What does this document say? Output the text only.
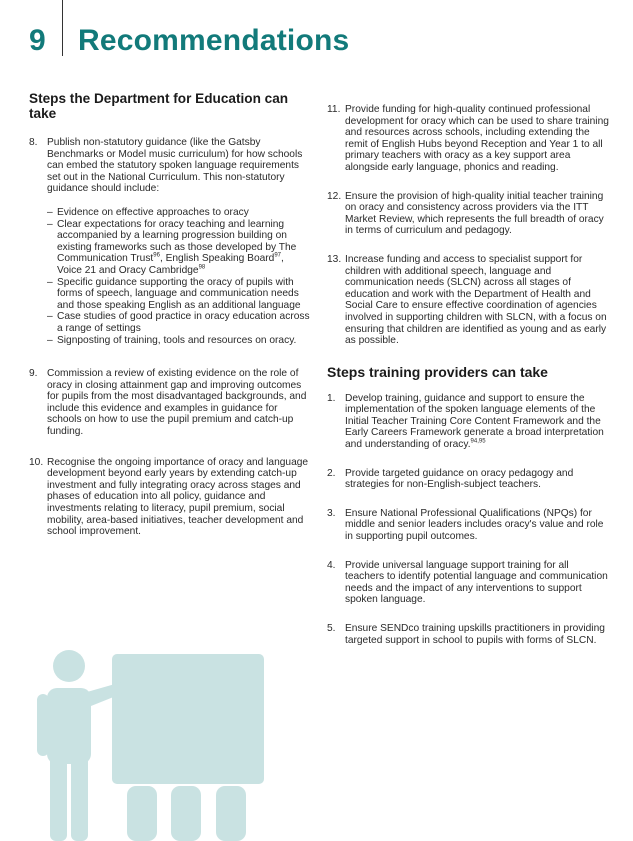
9 Recommendations
Steps the Department for Education can take
8. Publish non-statutory guidance (like the Gatsby Benchmarks or Model music curriculum) for how schools can embed the statutory spoken language requirements set out in the National Curriculum. This non-statutory guidance should include:
– Evidence on effective approaches to oracy
– Clear expectations for oracy teaching and learning accompanied by a learning progression building on existing frameworks such as those developed by The Communication Trust$^{96}$, English Speaking Board$^{97}$, Voice 21 and Oracy Cambridge$^{98}$
– Specific guidance supporting the oracy of pupils with forms of speech, language and communication needs and those speaking English as an additional language
– Case studies of good practice in oracy education across a range of settings
– Signposting of training, tools and resources on oracy.
9. Commission a review of existing evidence on the role of oracy in closing attainment gap and improving outcomes for pupils from the most disadvantaged backgrounds, and include this evidence and examples in guidance for schools on how to use the pupil premium and catch-up funding.
10. Recognise the ongoing importance of oracy and language development beyond early years by extending catch-up investment and fully integrating oracy across stages and phases of education into all policy, guidance and investments relating to literacy, pupil premium, social mobility, area-based initiatives, teacher development and school improvement.
11. Provide funding for high-quality continued professional development for oracy which can be used to share training and resources across schools, including extending the remit of English Hubs beyond Reception and Year 1 to all primary teachers with oracy as a key support area alongside early language, phonics and reading.
12. Ensure the provision of high-quality initial teacher training on oracy and consistency across providers via the ITT Market Review, which represents the full breadth of oracy in terms of curriculum and pedagogy.
13. Increase funding and access to specialist support for children with additional speech, language and communication needs (SLCN) across all stages of education and work with the Department of Health and Social Care to ensure effective coordination of agencies involved in supporting children with SLCN, with a focus on ensuring that children are identified as young and as early as possible.
Steps training providers can take
1. Develop training, guidance and support to ensure the implementation of the spoken language elements of the Initial Teacher Training Core Content Framework and the Early Careers Framework generate a broad interpretation and understanding of oracy.$^{94,95}$
2. Provide targeted guidance on oracy pedagogy and strategies for non-English-subject teachers.
3. Ensure National Professional Qualifications (NPQs) for middle and senior leaders includes oracy's value and role in supporting pupil outcomes.
4. Provide universal language support training for all teachers to identify potential language and communication needs and the impact of any interventions to support spoken language.
5. Ensure SENDco training upskills practitioners in providing targeted support in school to pupils with forms of SLCN.
